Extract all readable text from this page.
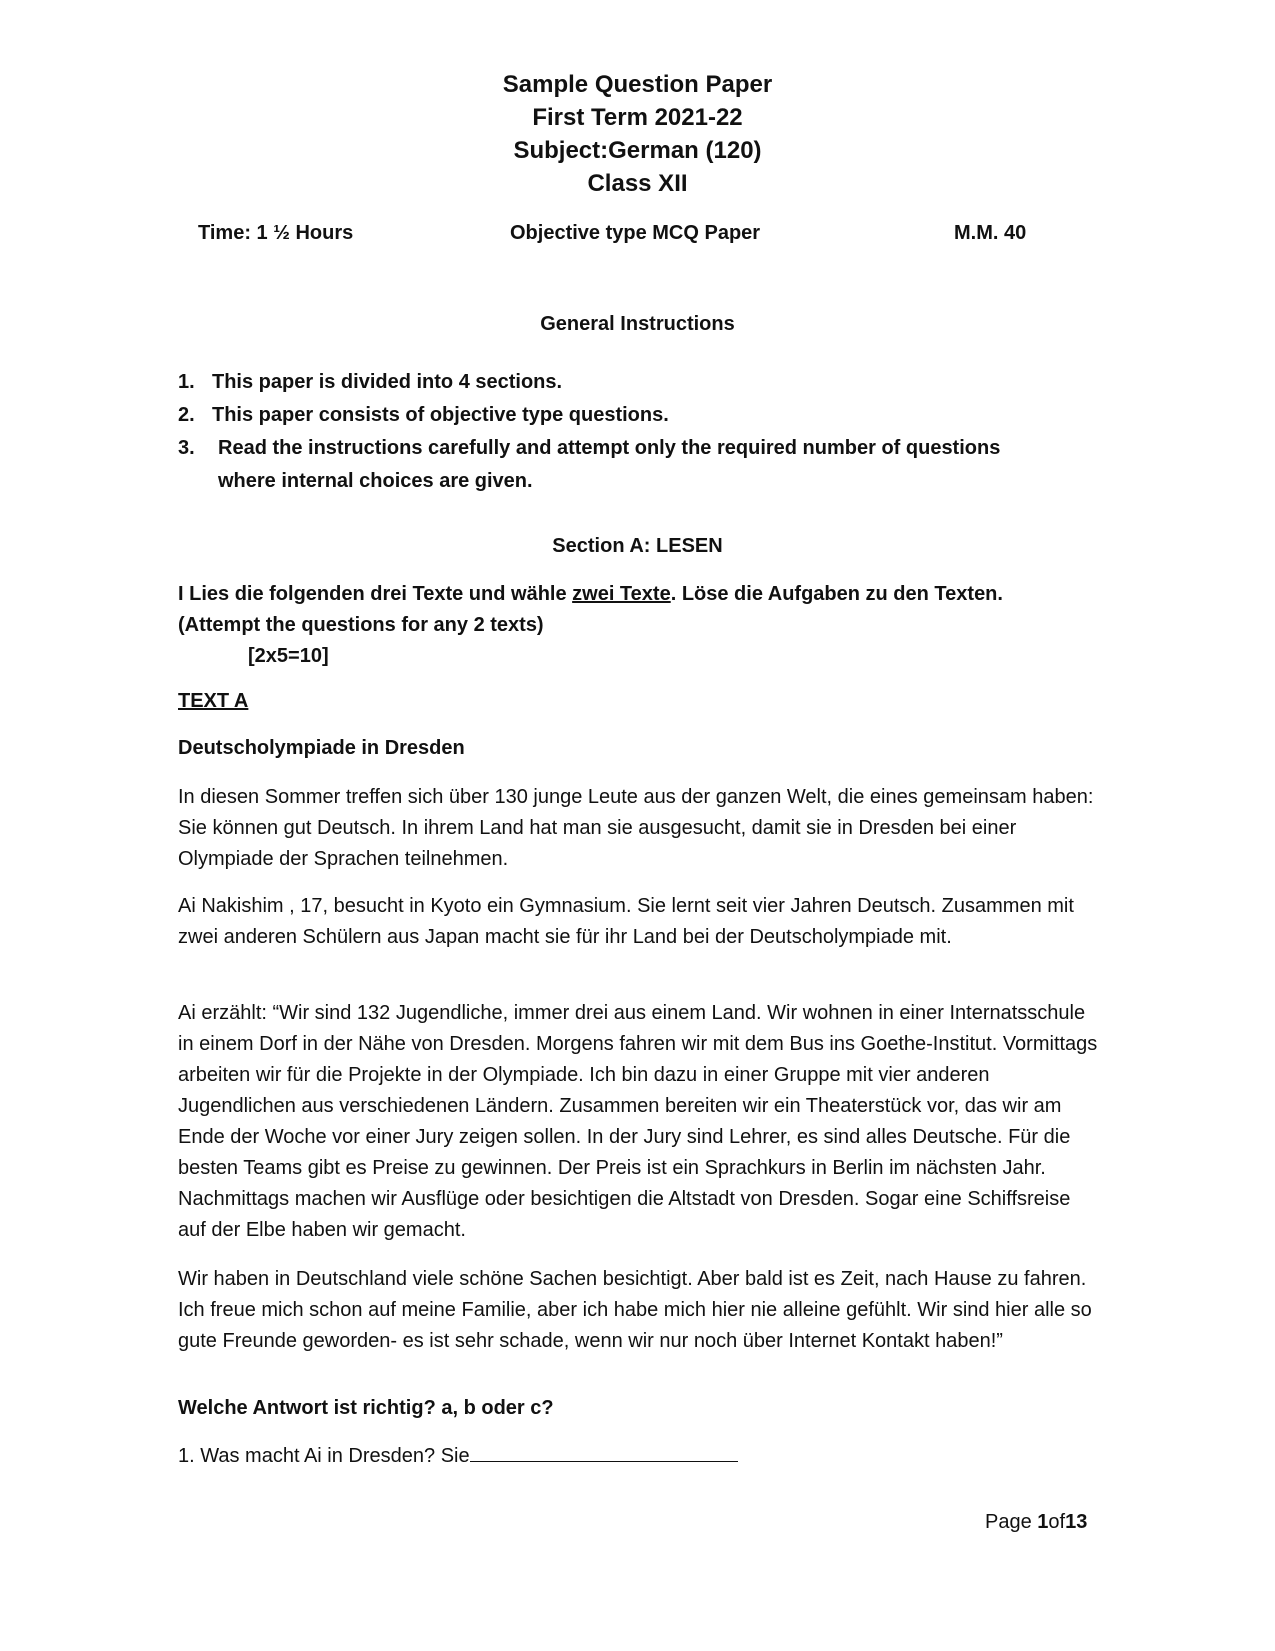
Sample Question Paper
First Term 2021-22
Subject:German (120)
Class XII
Time: 1 ½ Hours	Objective type MCQ Paper	M.M. 40
General Instructions
1. This paper is divided into 4 sections.
2. This paper consists of objective type questions.
3.	Read the instructions carefully and attempt only the required number of questions where internal choices are given.
Section A: LESEN
I Lies die folgenden drei Texte und wähle zwei Texte. Löse die Aufgaben zu den Texten.(Attempt the questions for any 2 texts)
[2x5=10]
TEXT A
Deutscholympiade in Dresden

In diesen Sommer treffen sich über 130 junge Leute aus der ganzen Welt, die eines gemeinsam haben: Sie können gut Deutsch. In ihrem Land hat man sie ausgesucht, damit sie in Dresden bei einer Olympiade der Sprachen teilnehmen.

Ai Nakishim , 17, besucht in Kyoto ein Gymnasium. Sie lernt seit vier Jahren Deutsch. Zusammen mit zwei anderen Schülern aus Japan macht sie für ihr Land bei der Deutscholympiade mit.

Ai erzählt: “Wir sind 132 Jugendliche, immer drei aus einem Land. Wir wohnen in einer Internatsschule in einem Dorf in der Nähe von Dresden. Morgens fahren wir mit dem Bus ins Goethe-Institut. Vormittags arbeiten wir für die Projekte in der Olympiade. Ich bin dazu in einer Gruppe mit vier anderen Jugendlichen aus verschiedenen Ländern. Zusammen bereiten wir ein Theaterstück vor, das wir am Ende der Woche vor einer Jury zeigen sollen. In der Jury sind Lehrer, es sind alles Deutsche. Für die besten Teams gibt es Preise zu gewinnen. Der Preis ist ein Sprachkurs in Berlin im nächsten Jahr. Nachmittags machen wir Ausflüge oder besichtigen die Altstadt von Dresden. Sogar eine Schiffsreise auf der Elbe haben wir gemacht.

Wir haben in Deutschland viele schöne Sachen besichtigt. Aber bald ist es Zeit, nach Hause zu fahren. Ich freue mich schon auf meine Familie, aber ich habe mich hier nie alleine gefühlt. Wir sind hier alle so gute Freunde geworden- es ist sehr schade, wenn wir nur noch über Internet Kontakt haben!”

Welche Antwort ist richtig? a, b oder c?
1. Was macht Ai in Dresden? Sie
Page 1of13
